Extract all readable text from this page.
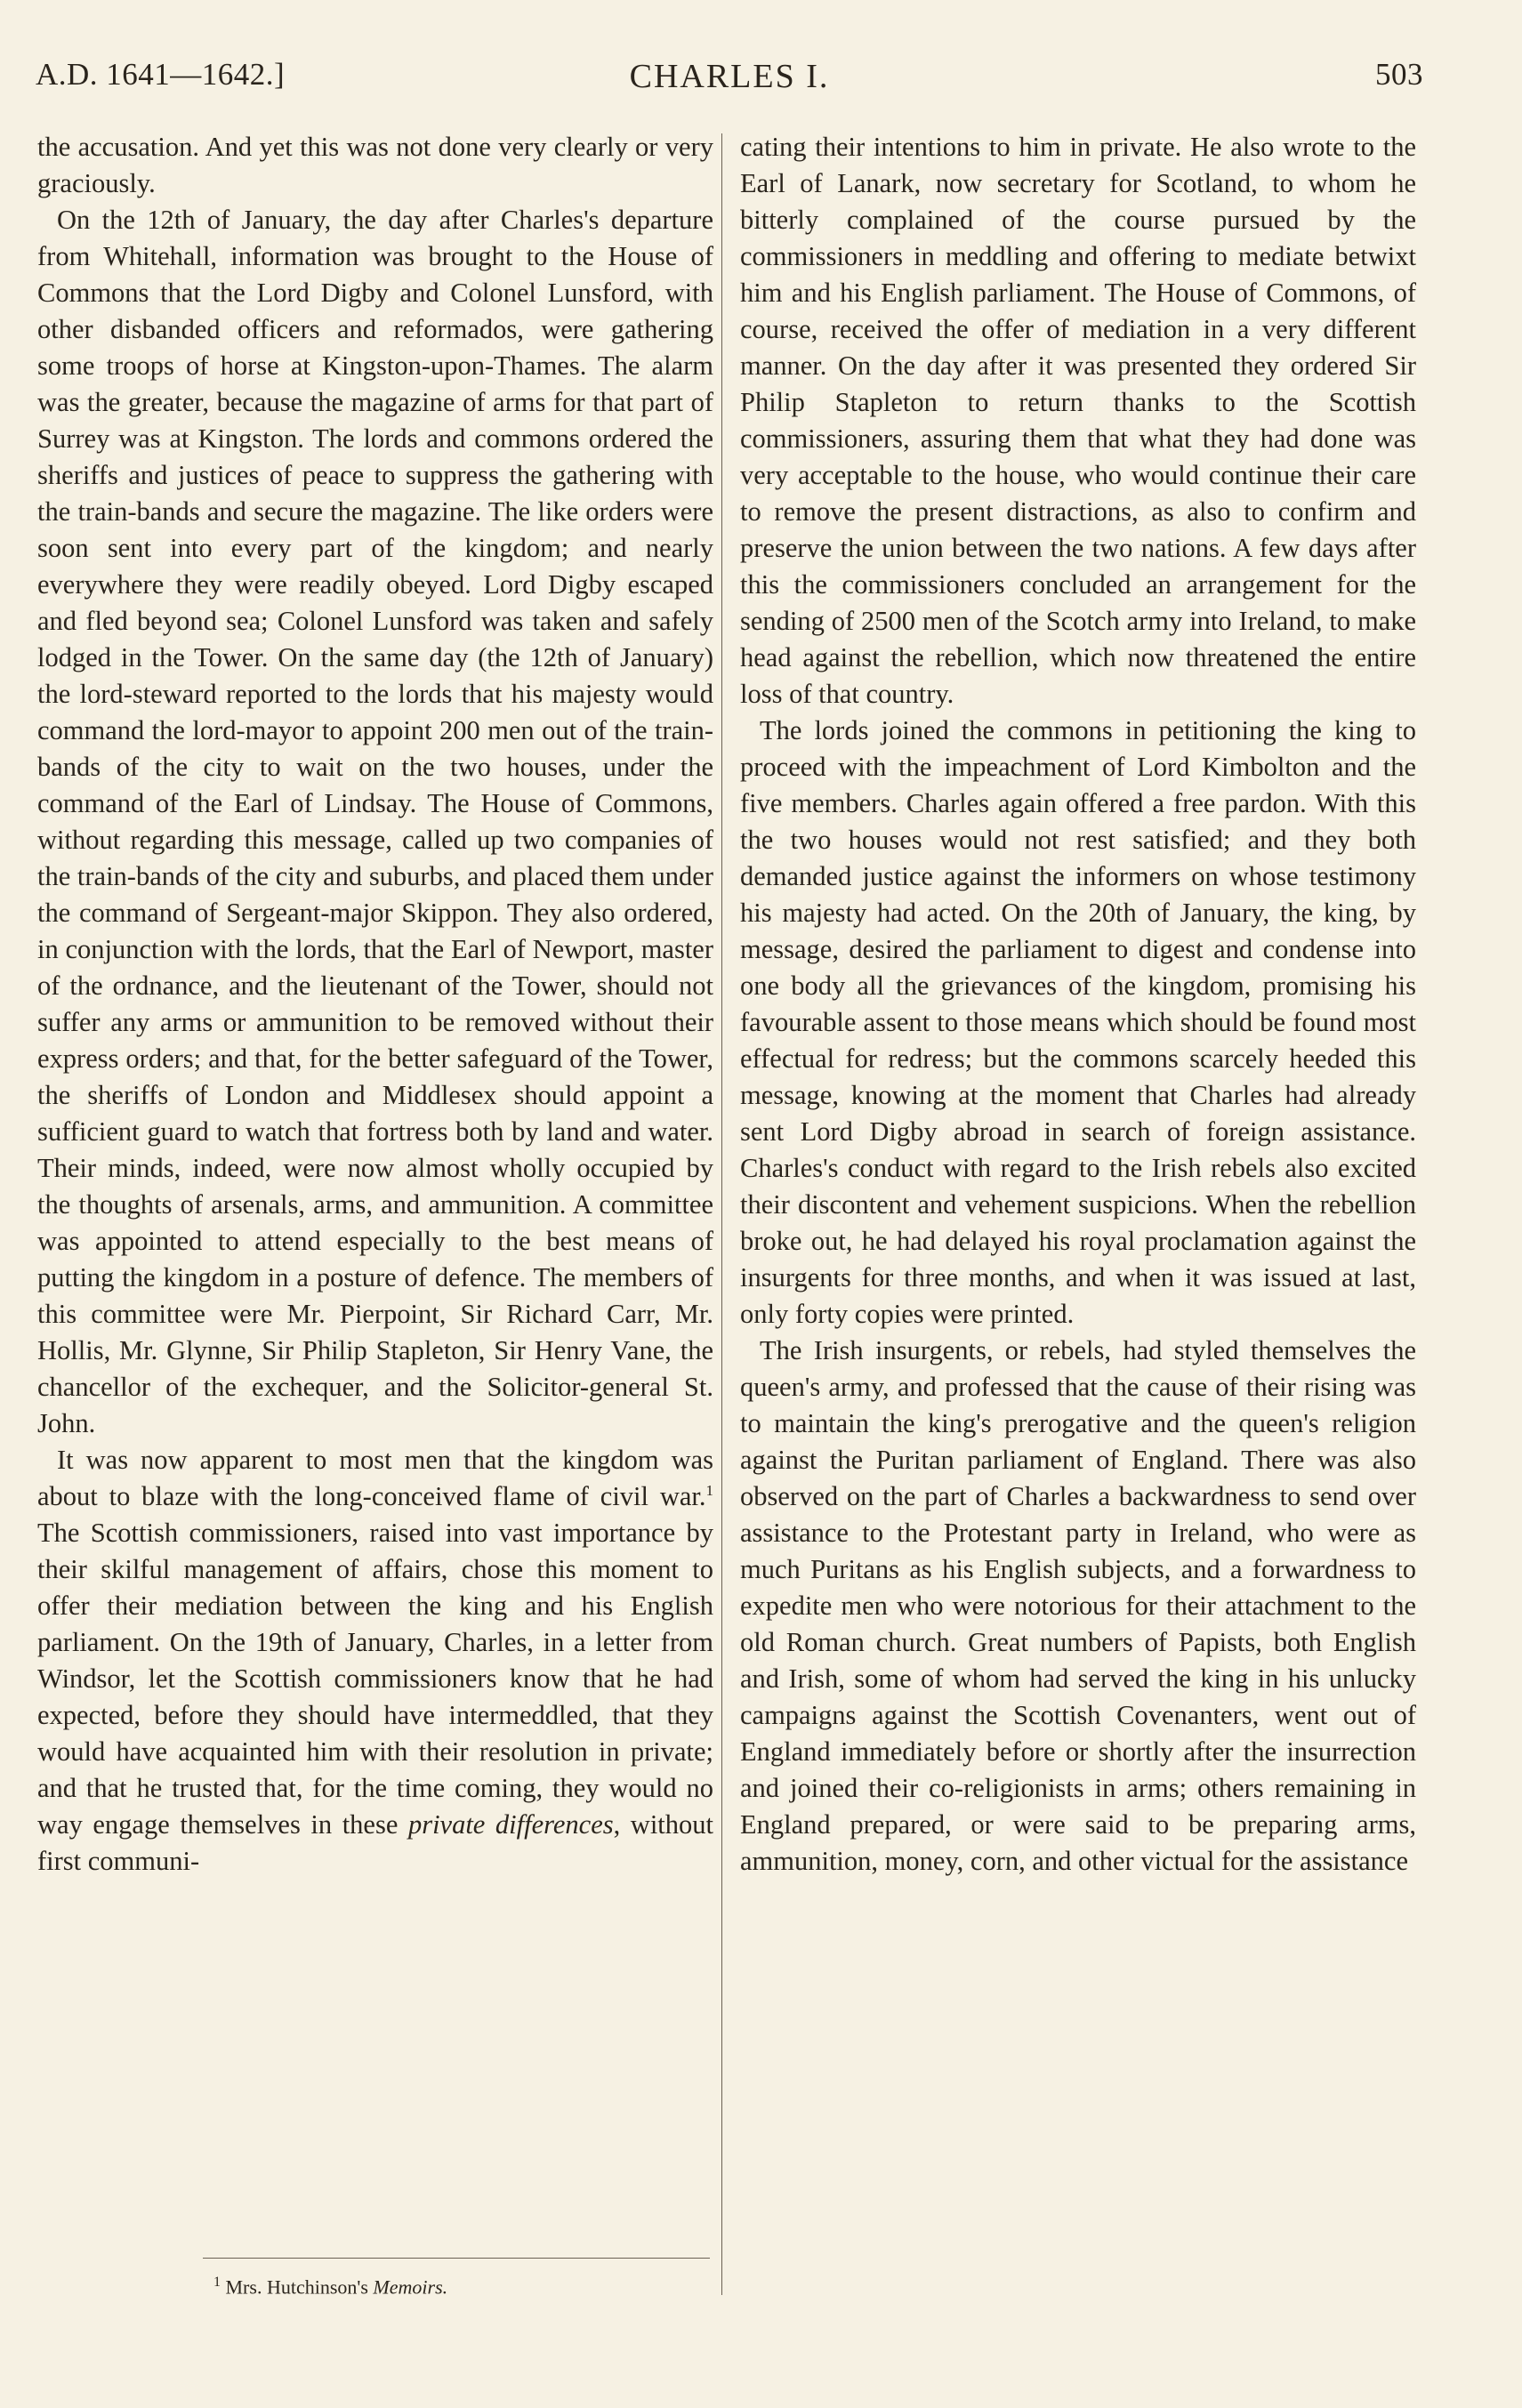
A.D. 1641—1642.]	CHARLES I.	503

the accusation. And yet this was not done very clearly or very graciously.

On the 12th of January, the day after Charles's departure from Whitehall, information was brought to the House of Commons that the Lord Digby and Colonel Lunsford, with other disbanded officers and reformados, were gathering some troops of horse at Kingston-upon-Thames. The alarm was the greater, because the magazine of arms for that part of Surrey was at Kingston. The lords and commons ordered the sheriffs and justices of peace to suppress the gathering with the train-bands and secure the magazine. The like orders were soon sent into every part of the kingdom; and nearly everywhere they were readily obeyed. Lord Digby escaped and fled beyond sea; Colonel Lunsford was taken and safely lodged in the Tower. On the same day (the 12th of January) the lord-steward reported to the lords that his majesty would command the lord-mayor to appoint 200 men out of the train-bands of the city to wait on the two houses, under the command of the Earl of Lindsay. The House of Commons, without regarding this message, called up two companies of the train-bands of the city and suburbs, and placed them under the command of Sergeant-major Skippon. They also ordered, in conjunction with the lords, that the Earl of Newport, master of the ordnance, and the lieutenant of the Tower, should not suffer any arms or ammunition to be removed without their express orders; and that, for the better safeguard of the Tower, the sheriffs of London and Middlesex should appoint a sufficient guard to watch that fortress both by land and water. Their minds, indeed, were now almost wholly occupied by the thoughts of arsenals, arms, and ammunition. A committee was appointed to attend especially to the best means of putting the kingdom in a posture of defence. The members of this committee were Mr. Pierpoint, Sir Richard Carr, Mr. Hollis, Mr. Glynne, Sir Philip Stapleton, Sir Henry Vane, the chancellor of the exchequer, and the Solicitor-general St. John.

It was now apparent to most men that the kingdom was about to blaze with the long-conceived flame of civil war.$^1$ The Scottish commissioners, raised into vast importance by their skilful management of affairs, chose this moment to offer their mediation between the king and his English parliament. On the 19th of January, Charles, in a letter from Windsor, let the Scottish commissioners know that he had expected, before they should have intermeddled, that they would have acquainted him with their resolution in private; and that he trusted that, for the time coming, they would no way engage themselves in these private differences, without first communi-

cating their intentions to him in private. He also wrote to the Earl of Lanark, now secretary for Scotland, to whom he bitterly complained of the course pursued by the commissioners in meddling and offering to mediate betwixt him and his English parliament. The House of Commons, of course, received the offer of mediation in a very different manner. On the day after it was presented they ordered Sir Philip Stapleton to return thanks to the Scottish commissioners, assuring them that what they had done was very acceptable to the house, who would continue their care to remove the present distractions, as also to confirm and preserve the union between the two nations. A few days after this the commissioners concluded an arrangement for the sending of 2500 men of the Scotch army into Ireland, to make head against the rebellion, which now threatened the entire loss of that country.

The lords joined the commons in petitioning the king to proceed with the impeachment of Lord Kimbolton and the five members. Charles again offered a free pardon. With this the two houses would not rest satisfied; and they both demanded justice against the informers on whose testimony his majesty had acted. On the 20th of January, the king, by message, desired the parliament to digest and condense into one body all the grievances of the kingdom, promising his favourable assent to those means which should be found most effectual for redress; but the commons scarcely heeded this message, knowing at the moment that Charles had already sent Lord Digby abroad in search of foreign assistance. Charles's conduct with regard to the Irish rebels also excited their discontent and vehement suspicions. When the rebellion broke out, he had delayed his royal proclamation against the insurgents for three months, and when it was issued at last, only forty copies were printed.

The Irish insurgents, or rebels, had styled themselves the queen's army, and professed that the cause of their rising was to maintain the king's prerogative and the queen's religion against the Puritan parliament of England. There was also observed on the part of Charles a backwardness to send over assistance to the Protestant party in Ireland, who were as much Puritans as his English subjects, and a forwardness to expedite men who were notorious for their attachment to the old Roman church. Great numbers of Papists, both English and Irish, some of whom had served the king in his unlucky campaigns against the Scottish Covenanters, went out of England immediately before or shortly after the insurrection and joined their co-religionists in arms; others remaining in England prepared, or were said to be preparing arms, ammunition, money, corn, and other victual for the assistance

$^1$ Mrs. Hutchinson's Memoirs.
